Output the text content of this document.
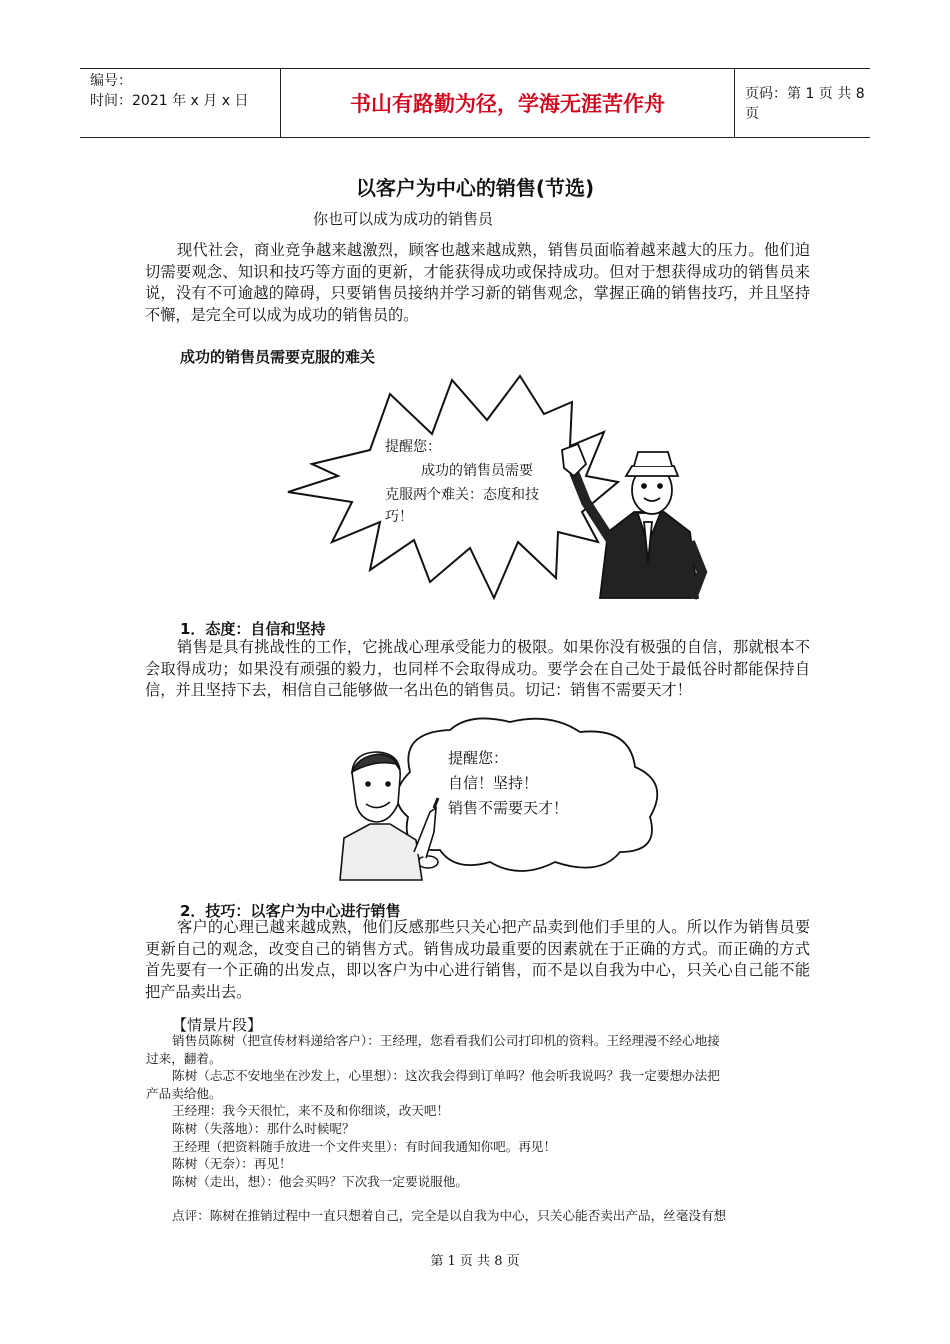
编号：
时间：2021 年 x 月 x 日	书山有路勤为径，学海无涯苦作舟	页码：第 1 页 共 8 页
以客户为中心的销售(节选)
你也可以成为成功的销售员
现代社会，商业竞争越来越激烈，顾客也越来越成熟，销售员面临着越来越大的压力。他们迫切需要观念、知识和技巧等方面的更新，才能获得成功或保持成功。但对于想获得成功的销售员来说，没有不可逾越的障碍，只要销售员接纳并学习新的销售观念，掌握正确的销售技巧，并且坚持不懈，是完全可以成为成功的销售员的。
成功的销售员需要克服的难关
提醒您：
成功的销售员需要
克服两个难关：态度和技
巧！
1．态度：自信和坚持
销售是具有挑战性的工作，它挑战心理承受能力的极限。如果你没有极强的自信，那就根本不会取得成功；如果没有顽强的毅力，也同样不会取得成功。要学会在自己处于最低谷时都能保持自信，并且坚持下去，相信自己能够做一名出色的销售员。切记：销售不需要天才！
提醒您：
自信！坚持！
销售不需要天才！
2．技巧：以客户为中心进行销售
客户的心理已越来越成熟，他们反感那些只关心把产品卖到他们手里的人。所以作为销售员要更新自己的观念，改变自己的销售方式。销售成功最重要的因素就在于正确的方式。而正确的方式首先要有一个正确的出发点，即以客户为中心进行销售，而不是以自我为中心，只关心自己能不能把产品卖出去。
【情景片段】
销售员陈树（把宣传材料递给客户）：王经理，您看看我们公司打印机的资料。王经理漫不经心地接
过来，翻着。
陈树（忐忑不安地坐在沙发上，心里想）：这次我会得到订单吗？他会听我说吗？我一定要想办法把
产品卖给他。
王经理：我今天很忙，来不及和你细谈，改天吧！
陈树（失落地）：那什么时候呢？
王经理（把资料随手放进一个文件夹里）：有时间我通知你吧。再见！
陈树（无奈）：再见！
陈树（走出，想）：他会买吗？下次我一定要说服他。
点评：陈树在推销过程中一直只想着自己，完全是以自我为中心，只关心能否卖出产品，丝毫没有想
第 1 页 共 8 页
